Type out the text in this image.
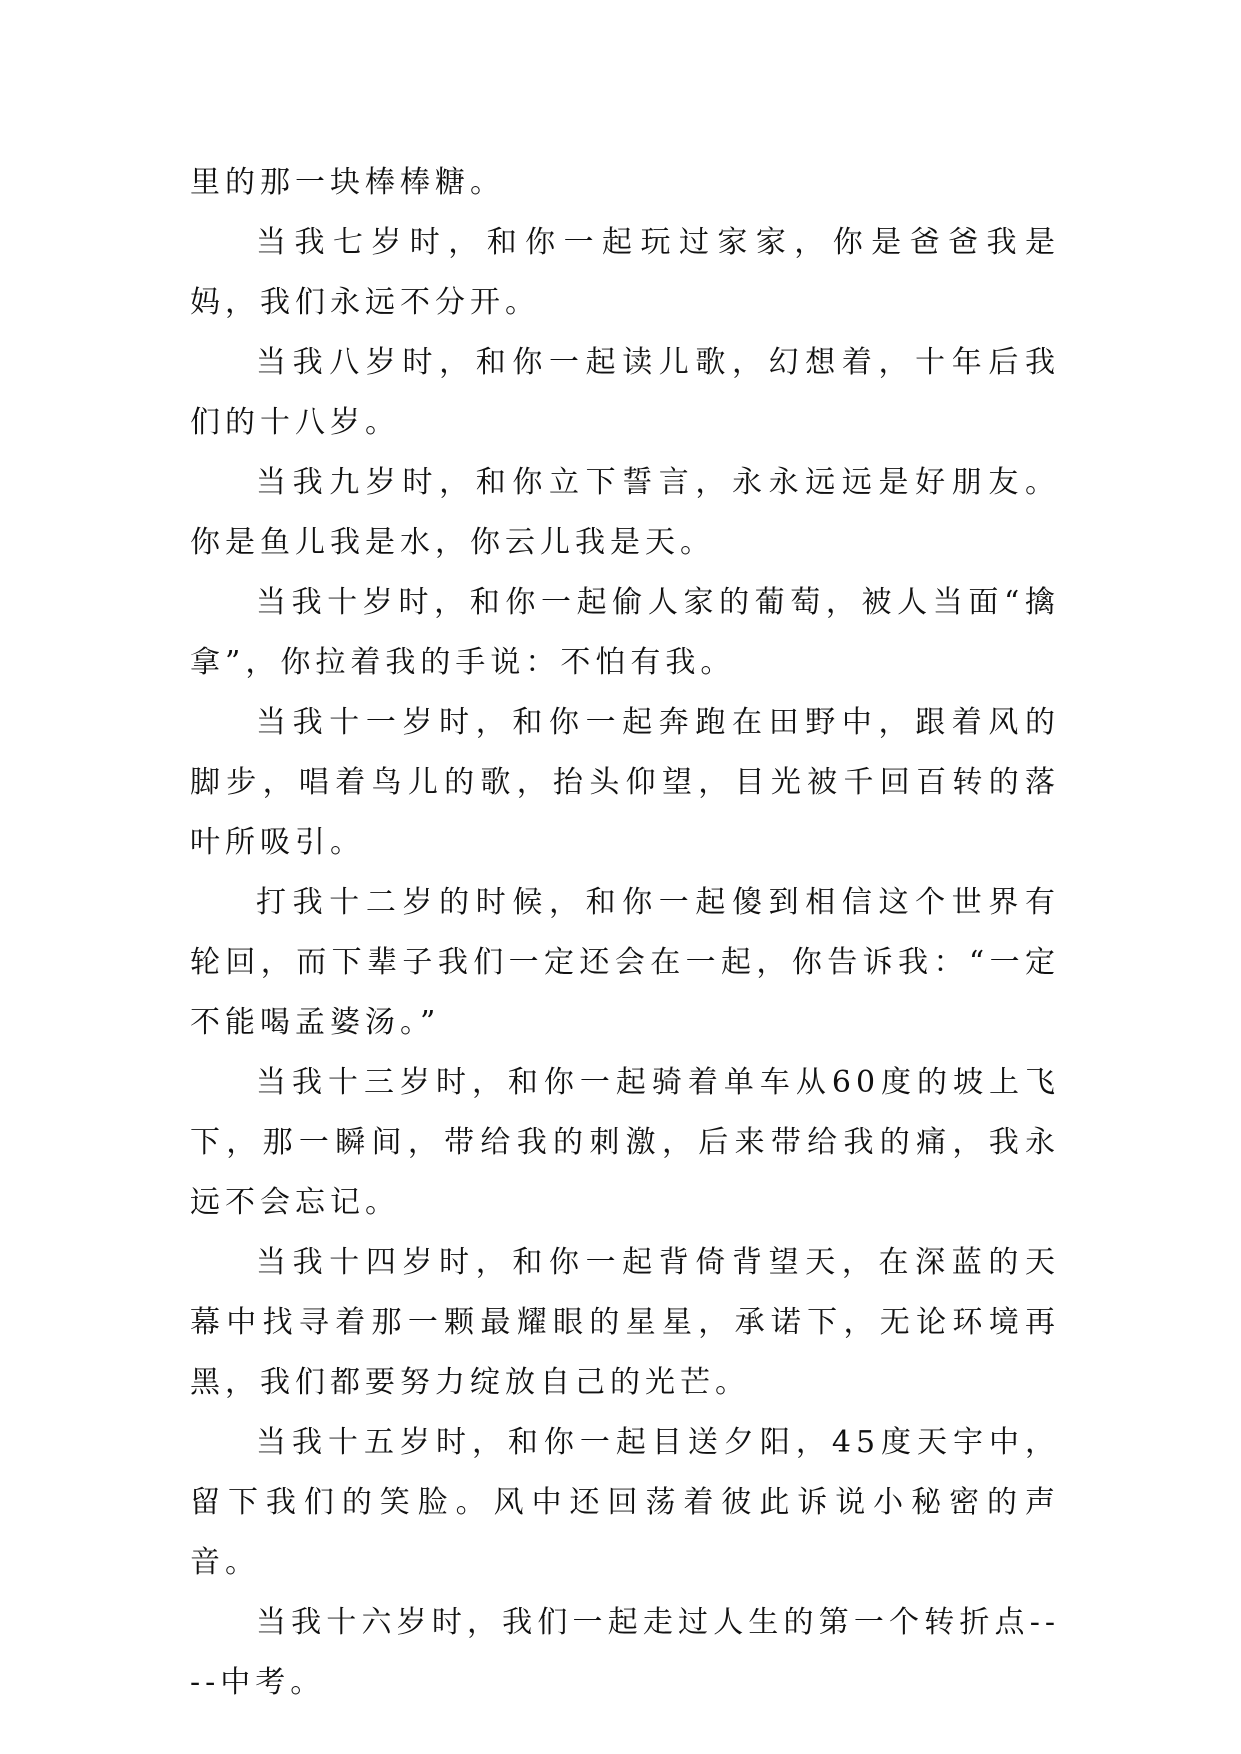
里的那一块棒棒糖。

当我七岁时，和你一起玩过家家，你是爸爸我是妈，我们永远不分开。

当我八岁时，和你一起读儿歌，幻想着，十年后我们的十八岁。

当我九岁时，和你立下誓言，永永远远是好朋友。你是鱼儿我是水，你云儿我是天。

当我十岁时，和你一起偷人家的葡萄，被人当面“擒拿”，你拉着我的手说：不怕有我。

当我十一岁时，和你一起奔跑在田野中，跟着风的脚步，唱着鸟儿的歌，抬头仰望，目光被千回百转的落叶所吸引。

打我十二岁的时候，和你一起傻到相信这个世界有轮回，而下辈子我们一定还会在一起，你告诉我：“一定不能喝孟婆汤。”

当我十三岁时，和你一起骑着单车从60度的坡上飞下，那一瞬间，带给我的刺激，后来带给我的痛，我永远不会忘记。

当我十四岁时，和你一起背倚背望天，在深蓝的天幕中找寻着那一颗最耀眼的星星，承诺下，无论环境再黑，我们都要努力绽放自己的光芒。

当我十五岁时，和你一起目送夕阳，45度天宇中，留下我们的笑脸。风中还回荡着彼此诉说小秘密的声音。

当我十六岁时，我们一起走过人生的第一个转折点----中考。
